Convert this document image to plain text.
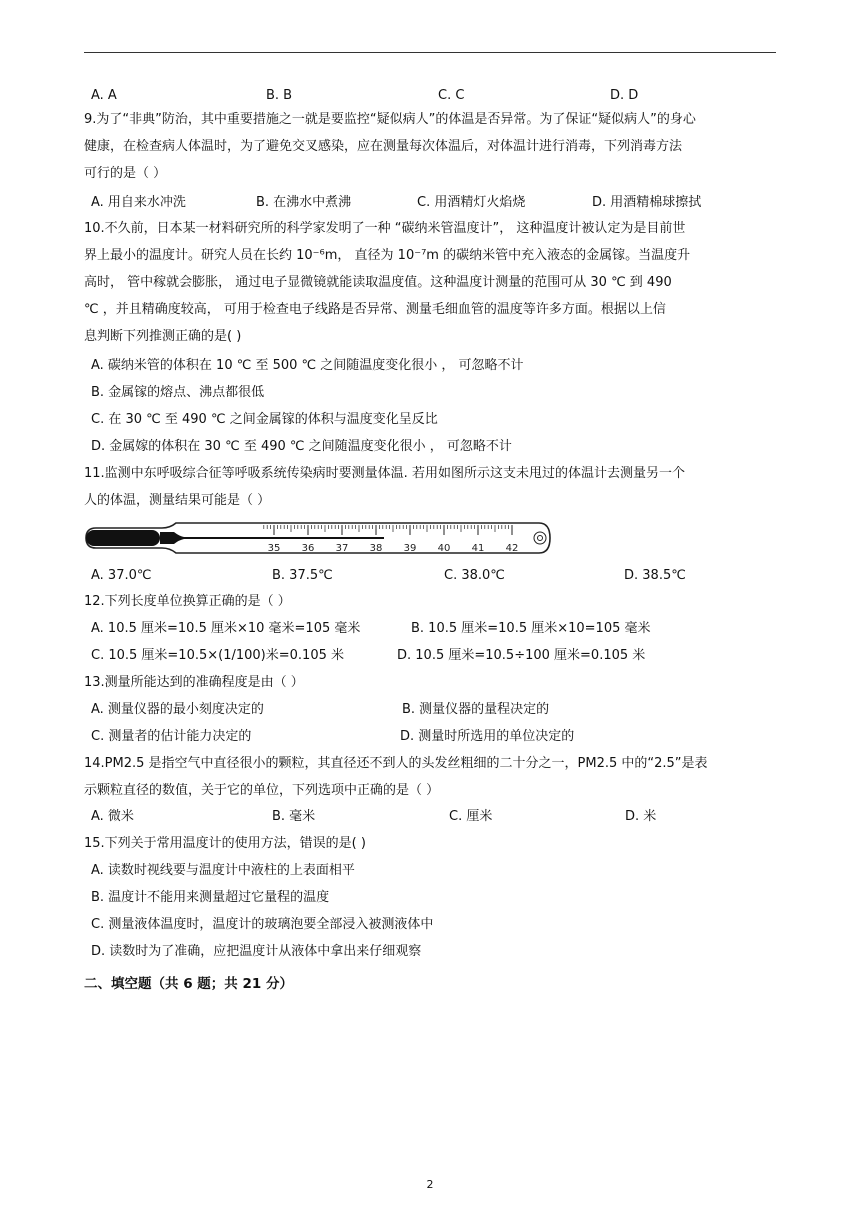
A. A	B. B	C. C	D. D
9.为了“非典”防治，其中重要措施之一就是要监控“疑似病人”的体温是否异常。为了保证“疑似病人”的身心
健康，在检查病人体温时，为了避免交叉感染，应在测量每次体温后，对体温计进行消毒，下列消毒方法
可行的是（ ）
A. 用自来水冲洗	B. 在沸水中煮沸	C. 用酒精灯火焰烧	D. 用酒精棉球擦拭
10.不久前，日本某一材料研究所的科学家发明了一种 “碳纳米管温度计”， 这种温度计被认定为是目前世
界上最小的温度计。研究人员在长约 10⁻⁶m， 直径为 10⁻⁷m 的碳纳米管中充入液态的金属镓。当温度升
高时， 管中稼就会膨胀， 通过电子显微镜就能读取温度值。这种温度计测量的范围可从 30 ℃ 到 490
℃ ，并且精确度较高， 可用于检查电子线路是否异常、测量毛细血管的温度等许多方面。根据以上信
息判断下列推测正确的是( )
A. 碳纳米管的体积在 10 ℃ 至 500 ℃ 之间随温度变化很小 ， 可忽略不计
B. 金属镓的熔点、沸点都很低
C. 在 30 ℃ 至 490 ℃ 之间金属镓的体积与温度变化呈反比
D. 金属嫁的体积在 30 ℃ 至 490 ℃ 之间随温度变化很小 ， 可忽略不计
11.监测中东呼吸综合征等呼吸系统传染病时要测量体温. 若用如图所示这支未甩过的体温计去测量另一个
人的体温，测量结果可能是（ ）
35 36 37 38 39 40 41 42
A. 37.0℃	B. 37.5℃	C. 38.0℃	D. 38.5℃
12.下列长度单位换算正确的是（ ）
A. 10.5 厘米=10.5 厘米×10 毫米=105 毫米	B. 10.5 厘米=10.5 厘米×10=105 毫米
C. 10.5 厘米=10.5×(1/100)米=0.105 米	D. 10.5 厘米=10.5÷100 厘米=0.105 米
13.测量所能达到的准确程度是由（ ）
A. 测量仪器的最小刻度决定的	B. 测量仪器的量程决定的
C. 测量者的估计能力决定的	D. 测量时所选用的单位决定的
14.PM2.5 是指空气中直径很小的颗粒，其直径还不到人的头发丝粗细的二十分之一，PM2.5 中的“2.5”是表
示颗粒直径的数值，关于它的单位，下列选项中正确的是（ ）
A. 微米	B. 毫米	C. 厘米	D. 米
15.下列关于常用温度计的使用方法，错误的是( )
A. 读数时视线要与温度计中液柱的上表面相平
B. 温度计不能用来测量超过它量程的温度
C. 测量液体温度时，温度计的玻璃泡要全部浸入被测液体中
D. 读数时为了准确，应把温度计从液体中拿出来仔细观察
二、填空题（共 6 题；共 21 分）
2
